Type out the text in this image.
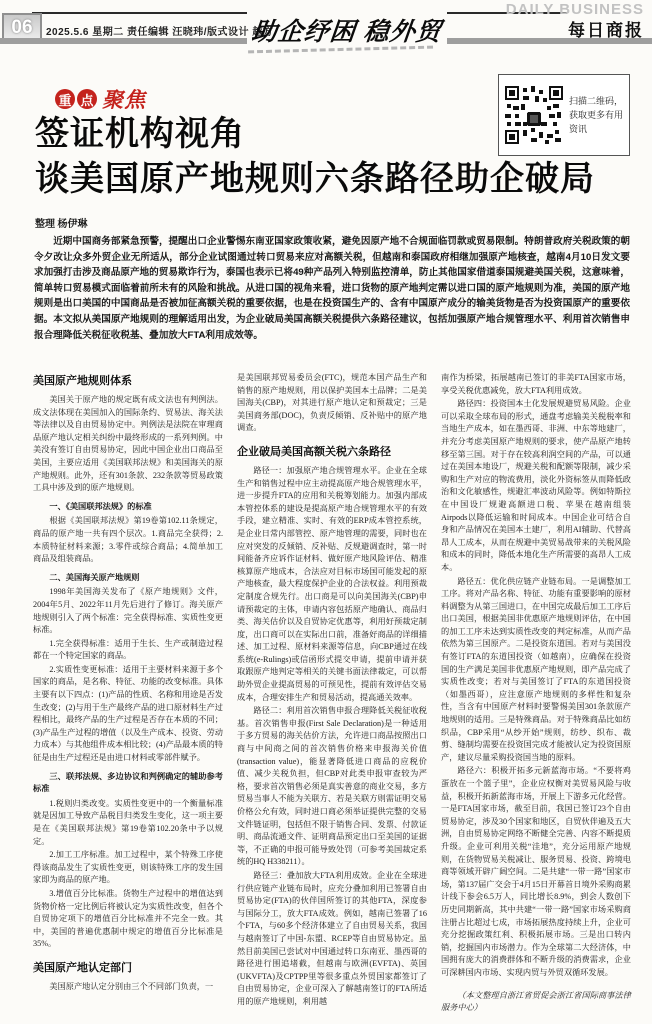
06	2025.5.6 星期二 责任编辑 汪晓玮/版式设计 越方
助企纾困 稳外贸
DAILY BUSINESS
每日商报
重 点 聚焦
签证机构视角
谈美国原产地规则六条路径助企破局
扫描二维码，获取更多有用资讯
整理 杨伊琳
近期中国商务部紧急预警，提醒出口企业警惕东南亚国家政策收紧，避免因原产地不合规面临罚款或贸易限制。特朗普政府关税政策的朝令夕改让众多外贸企业无所适从，部分企业试图通过转口贸易来应对高额关税，但越南和泰国政府相继加强原产地核查，越南4月10日发文要求加强打击涉及商品原产地的贸易欺诈行为，泰国也表示已将49种产品列入特别监控清单，防止其他国家借道泰国规避美国关税，这意味着，简单转口贸易模式面临着前所未有的风险和挑战。从进口国的视角来看，进口货物的原产地判定需以进口国的原产地规则为准，美国的原产地规则是出口美国的中国商品是否被加征高额关税的重要依据，也是在投资国生产的、含有中国原产成分的输美货物是否为投资国原产的重要依据。本文拟从美国原产地规则的理解适用出发，为企业破局美国高额关税提供六条路径建议，包括加强原产地合规管理水平、利用首次销售申报合理降低关税征收税基、叠加放大FTA利用成效等。
美国原产地规则体系

美国关于原产地的规定既有成文法也有判例法。成文法体现在美国加入的国际条约、贸易法、海关法等法律以及自由贸易协定中。判例法是法院在审理商品原产地认定相关纠纷中最终形成的一系列判例。中美没有签订自由贸易协定，因此中国企业出口商品至美国，主要应适用《美国联邦法规》和美国海关的原产地规则。此外，还有301条款、232条款等贸易政策工具中涉及到的原产地规则。

一、《美国联邦法规》的标准

根据《美国联邦法规》第19卷第102.11条规定，商品的原产地一共有四个层次。1.商品完全获得；2.本质特征材料来源；3.零件或综合商品；4.简单加工商品及组装商品。

二、美国海关原产地规则

1998年美国海关发布了《原产地规则》文件，2004年5月、2022年11月先后进行了修订。海关原产地规则引入了两个标准：完全获得标准、实质性变更标准。

1.完全获得标准：适用于生长、生产或制造过程都在一个特定国家的商品。

2.实质性变更标准：适用于主要材料来源于多个国家的商品，是名称、特征、功能的改变标准。具体主要有以下四点：(1)产品的性质、名称和用途是否发生改变；(2)与用于生产最终产品的进口原材料生产过程相比，最终产品的生产过程是否存在本质的不同；(3)产品生产过程的增值（以及生产成本、投资、劳动力成本）与其他组件成本相比较；(4)产品最本质的特征是由生产过程还是由进口材料或零部件赋予。

三、联邦法规、多边协议和判例确定的辅助参考标准

1.税则归类改变。实质性变更中的一个衡量标准就是因加工导致产品税目归类发生变化，这一项主要是在《美国联邦法规》第19卷第102.20条中予以规定。

2.加工工序标准。加工过程中，某个特殊工序使得该商品发生了实质性变更，则该特殊工序的发生国家即为商品的原产地。

3.增值百分比标准。货物生产过程中的增值达到货物价格一定比例后将被认定为实质性改变，但各个自贸协定项下的增值百分比标准并不完全一致。其中，美国的普遍优惠制中规定的增值百分比标准是35%。

美国原产地认定部门

美国原产地认定分别由三个不同部门负责，一

是美国联邦贸易委员会(FTC)，规范本国产品生产和销售的原产地规则，用以保护美国本土品牌；二是美国海关(CBP)，对其进行原产地认定和预裁定；三是美国商务部(DOC)，负责反倾销、反补贴中的原产地调查。

企业破局美国高额关税六条路径

路径一：加强原产地合规管理水平。企业在全球生产和销售过程中应主动提高原产地合规管理水平，进一步提升FTA的应用和关税筹划能力。加强内部成本管控体系的建设是提高原产地合规管理水平的有效手段，建立精准、实时、有效的ERP成本管控系统，是企业日常内部管控、原产地管理的需要，同时也在应对突发的反倾销、反补贴、反规避调查时，第一时间能备齐应诉作证材料、做好原产地风险评估、精准核算原产地成本，合法应对目标市场国可能发起的原产地核查，最大程度保护企业的合法权益。利用预裁定制度合规先行。出口商是可以向美国海关(CBP)申请预裁定的主体，申请内容包括原产地确认、商品归类、海关估价以及自贸协定优惠等，利用好预裁定制度，出口商可以在实际出口前，准备好商品的详细描述、加工过程、原材料来源等信息，向CBP通过在线系统(e-Rulings)或信函形式提交申请，提前申请并获取跟原产地判定等相关的关键书面法律裁定，可以帮助外贸企业提高贸易的可预见性，提前有效评估交易成本，合理安排生产和贸易活动，提高通关效率。

路径二：利用首次销售申报合理降低关税征收税基。首次销售申报(First Sale Declaration)是一种适用于多方贸易的海关估价方法，允许进口商品按照出口商与中间商之间的首次销售价格来申报海关价值(transaction value)，能显著降低进口商品的应税价值、减少关税负担，但CBP对此类申报审查较为严格，要求首次销售必须是真实善意的商业交易，多方贸易当事人不能为关联方、若是关联方则需证明交易价格公允有效，同时进口商必须举证提供完整的交易文件链证明，包括但不限于销售合同、发票、付款证明、商品流通文件、证明商品预定出口至美国的证据等，不正确的申报可能导致处罚（可参考美国裁定系统的HQ H338211）。

路径三：叠加放大FTA利用成效。企业在全球进行供应链产业链布局时，应充分叠加利用已签署自由贸易协定(FTA)的伙伴国所签订的其他FTA，深度参与国际分工，放大FTA成效。例如，越南已签署了16个FTA，与60多个经济体建立了自由贸易关系，我国与越南签订了中国-东盟、RCEP等自由贸易协定。虽然目前美国已尝试对中国通过转口东南亚、墨西哥的路径进行围追堵截，但越南与欧洲(EVFTA)、英国(UKVFTA)及CPTPP里等很多重点外贸国家都签订了自由贸易协定，企业可深入了解越南签订的FTA所适用的原产地规则，利用越

南作为桥梁，拓展越南已签订的非美FTA国家市场，享受关税优惠减免，放大FTA利用成效。

路径四：投资国本土化发展规避贸易风险。企业可以采取全球布局的形式，通盘考虑输美关税税率和当地生产成本，如在墨西哥、非洲、中东等地建厂，并充分考虑美国原产地规则的要求，使产品原产地转移至第三国。对于存在较高利润空间的产品，可以通过在美国本地设厂，规避关税和配额等限制，减少采购和生产对应的物流费用，淡化外资标签从而降低政治和文化敏感性，规避汇率波动风险等。例如特斯拉在中国设厂规避高额进口税、苹果在越南组装Airpods以降低运输和时间成本。中国企业可结合自身和产品情况在美国本土建厂，利用AI辅助、代替高昂人工成本，从而在规避中美贸易战带来的关税风险和成本的同时，降低本地化生产所需要的高昂人工成本。

路径五：优化供应链产业链布局。一是调整加工工序。将对产品名称、特征、功能有重要影响的原材料调整为从第三国进口，在中国完成最后加工工序后出口美国，根据美国非优惠原产地规则评估，在中国的加工工序未达到实质性改变的判定标准，从而产品依然为第三国原产。二是投资东道国。若对与美国没有签订FTA的东道国投资（如越南），应确保在投资国的生产满足美国非优惠原产地规则，即产品完成了实质性改变；若对与美国签订了FTA的东道国投资（如墨西哥），应注意原产地规则的多样性和复杂性，当含有中国原产材料时要警惕美国301条款原产地规则的适用。三是特殊商品。对于特殊商品比如纺织品，CBP采用“从纱开始”规则，纺纱、织布、裁剪、缝制均需要在投资国完成才能被认定为投资国原产，建议尽量采购投资国当地的原料。

路径六：积极开拓多元新蓝海市场。“不要将鸡蛋放在一个篮子里”，企业应权衡对美贸易风险与收益，积极开拓新蓝海市场，开展上下游多元化经营。一是FTA国家市场，截至目前，我国已签订23个自由贸易协定，涉及30个国家和地区，自贸伙伴遍及五大洲，自由贸易协定网络不断健全完善、内容不断提质升级。企业可利用关税“洼地”，充分运用原产地规则，在货物贸易关税减让、服务贸易、投资、跨境电商等领域开辟广阔空间。二是共建“一带一路”国家市场，第137届广交会于4月15日开幕首日境外采购商累计线下参会6.5万人，同比增长8.9%，到会人数创下历史同期新高，其中共建“一带一路”国家市场采购商注册占比超过七成，市场拓展热度持续上升，企业可充分挖掘政策红利、积极拓展市场。三是出口转内销，挖掘国内市场潜力。作为全球第二大经济体，中国拥有庞大的消费群体和不断升级的消费需求，企业可深耕国内市场、实现内贸与外贸双循环发展。

（本文整理自浙江省贸促会浙江省国际商事法律服务中心）
